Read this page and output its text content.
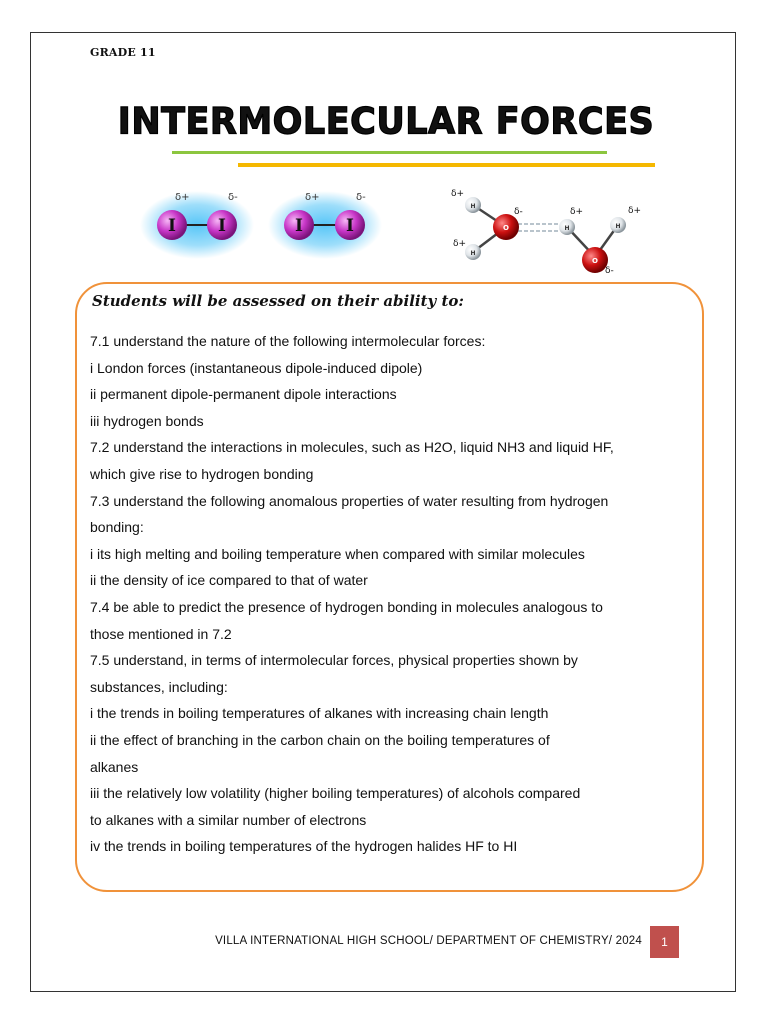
GRADE 11
INTERMOLECULAR FORCES
I I
δ+	δ-
I	I
δ+	δ-
H
H
H	H
O
O
δ+
δ+
δ-	δ+	δ+
δ-
Students will be assessed on their ability to:
7.1 understand the nature of the following intermolecular forces:
i London forces (instantaneous dipole-induced dipole)
ii permanent dipole-permanent dipole interactions
iii hydrogen bonds
7.2 understand the interactions in molecules, such as H2O, liquid NH3 and liquid HF,
which give rise to hydrogen bonding
7.3 understand the following anomalous properties of water resulting from hydrogen
bonding:
i its high melting and boiling temperature when compared with similar molecules
ii the density of ice compared to that of water
7.4 be able to predict the presence of hydrogen bonding in molecules analogous to
those mentioned in 7.2
7.5 understand, in terms of intermolecular forces, physical properties shown by
substances, including:
i the trends in boiling temperatures of alkanes with increasing chain length
ii the effect of branching in the carbon chain on the boiling temperatures of
alkanes
iii the relatively low volatility (higher boiling temperatures) of alcohols compared
to alkanes with a similar number of electrons
iv the trends in boiling temperatures of the hydrogen halides HF to HI
VILLA INTERNATIONAL HIGH SCHOOL/ DEPARTMENT OF CHEMISTRY/ 2024	1
